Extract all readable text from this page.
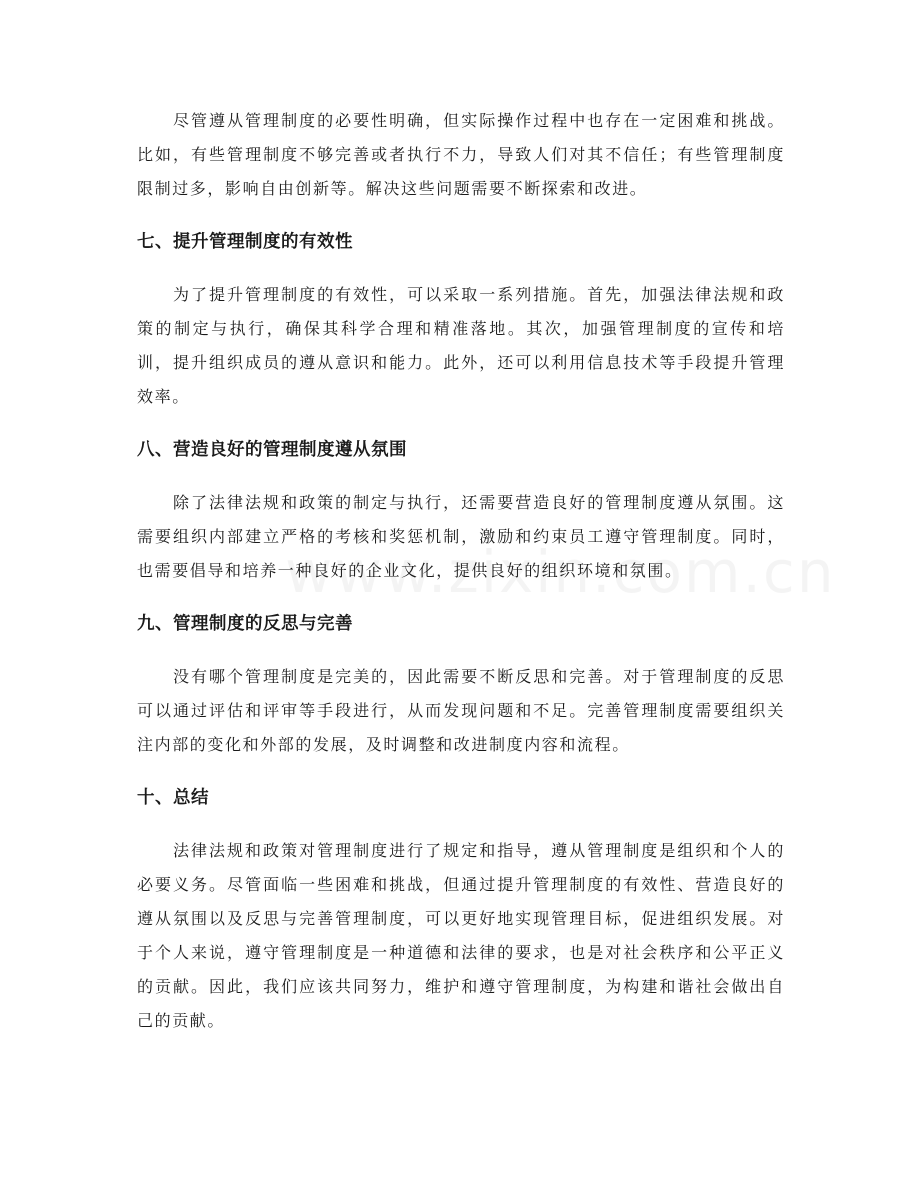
尽管遵从管理制度的必要性明确，但实际操作过程中也存在一定困难和挑战。比如，有些管理制度不够完善或者执行不力，导致人们对其不信任；有些管理制度限制过多，影响自由创新等。解决这些问题需要不断探索和改进。

七、提升管理制度的有效性

为了提升管理制度的有效性，可以采取一系列措施。首先，加强法律法规和政策的制定与执行，确保其科学合理和精准落地。其次，加强管理制度的宣传和培训，提升组织成员的遵从意识和能力。此外，还可以利用信息技术等手段提升管理效率。

八、营造良好的管理制度遵从氛围

除了法律法规和政策的制定与执行，还需要营造良好的管理制度遵从氛围。这需要组织内部建立严格的考核和奖惩机制，激励和约束员工遵守管理制度。同时，也需要倡导和培养一种良好的企业文化，提供良好的组织环境和氛围。

九、管理制度的反思与完善

没有哪个管理制度是完美的，因此需要不断反思和完善。对于管理制度的反思可以通过评估和评审等手段进行，从而发现问题和不足。完善管理制度需要组织关注内部的变化和外部的发展，及时调整和改进制度内容和流程。

十、总结

法律法规和政策对管理制度进行了规定和指导，遵从管理制度是组织和个人的必要义务。尽管面临一些困难和挑战，但通过提升管理制度的有效性、营造良好的遵从氛围以及反思与完善管理制度，可以更好地实现管理目标，促进组织发展。对于个人来说，遵守管理制度是一种道德和法律的要求，也是对社会秩序和公平正义的贡献。因此，我们应该共同努力，维护和遵守管理制度，为构建和谐社会做出自己的贡献。
